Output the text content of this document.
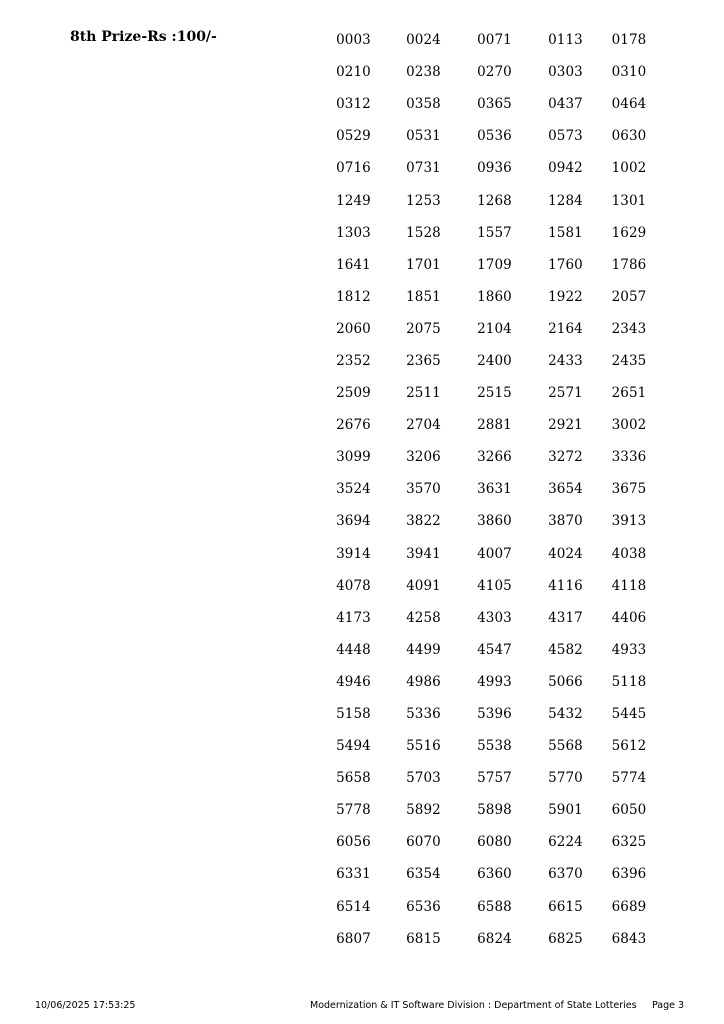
8th Prize-Rs :100/-	0003	0024	0071	0113	0178
0210	0238	0270	0303	0310
0312	0358	0365	0437	0464
0529	0531	0536	0573	0630
0716	0731	0936	0942	1002
1249	1253	1268	1284	1301
1303	1528	1557	1581	1629
1641	1701	1709	1760	1786
1812	1851	1860	1922	2057
2060	2075	2104	2164	2343
2352	2365	2400	2433	2435
2509	2511	2515	2571	2651
2676	2704	2881	2921	3002
3099	3206	3266	3272	3336
3524	3570	3631	3654	3675
3694	3822	3860	3870	3913
3914	3941	4007	4024	4038
4078	4091	4105	4116	4118
4173	4258	4303	4317	4406
4448	4499	4547	4582	4933
4946	4986	4993	5066	5118
5158	5336	5396	5432	5445
5494	5516	5538	5568	5612
5658	5703	5757	5770	5774
5778	5892	5898	5901	6050
6056	6070	6080	6224	6325
6331	6354	6360	6370	6396
6514	6536	6588	6615	6689
6807	6815	6824	6825	6843
10/06/2025 17:53:25	Modernization & IT Software Division : Department of State Lotteries Page 3
